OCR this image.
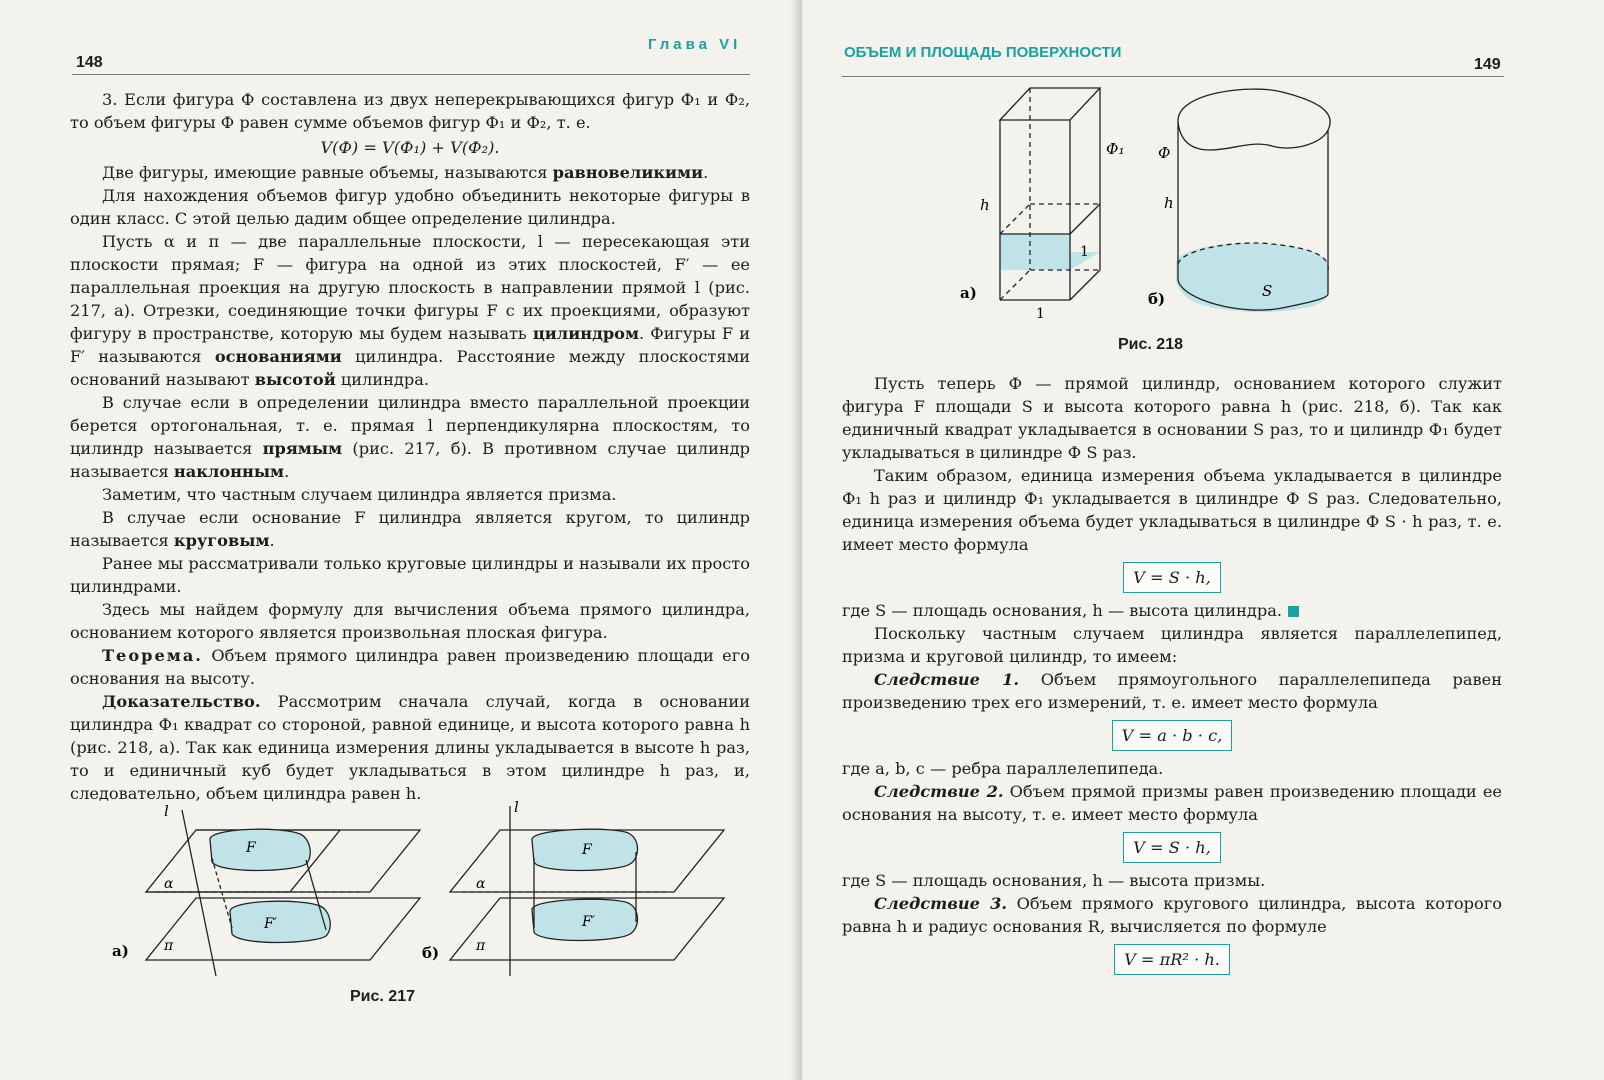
148
Глава VI

3. Если фигура Ф составлена из двух неперекрывающихся фигур Ф₁ и Ф₂, то объем фигуры Ф равен сумме объемов фигур Ф₁ и Ф₂, т. е.

V(Ф) = V(Ф₁) + V(Ф₂).

Две фигуры, имеющие равные объемы, называются равновеликими.

Для нахождения объемов фигур удобно объединить некоторые фигуры в один класс. С этой целью дадим общее определение цилиндра.

Пусть α и π — две параллельные плоскости, l — пересекающая эти плоскости прямая; F — фигура на одной из этих плоскостей, F′ — ее параллельная проекция на другую плоскость в направлении прямой l (рис. 217, а). Отрезки, соединяющие точки фигуры F с их проекциями, образуют фигуру в пространстве, которую мы будем называть цилиндром. Фигуры F и F′ называются основаниями цилиндра. Расстояние между плоскостями оснований называют высотой цилиндра.

В случае если в определении цилиндра вместо параллельной проекции берется ортогональная, т. е. прямая l перпендикулярна плоскостям, то цилиндр называется прямым (рис. 217, б). В противном случае цилиндр называется наклонным.

Заметим, что частным случаем цилиндра является призма.

В случае если основание F цилиндра является кругом, то цилиндр называется круговым.

Ранее мы рассматривали только круговые цилиндры и называли их просто цилиндрами.

Здесь мы найдем формулу для вычисления объема прямого цилиндра, основанием которого является произвольная плоская фигура.

Теорема. Объем прямого цилиндра равен произведению площади его основания на высоту.

Доказательство. Рассмотрим сначала случай, когда в основании цилиндра Ф₁ квадрат со стороной, равной единице, и высота которого равна h (рис. 218, а). Так как единица измерения длины укладывается в высоте h раз, то и единичный куб будет укладываться в этом цилиндре h раз, и, следовательно, объем цилиндра равен h.

l
F
F′
α
π
l
F
F′
α
π
а)	б)
Рис. 217
ОБЪЕМ И ПЛОЩАДЬ ПОВЕРХНОСТИ
149
h
1
1
Ф₁ Ф
h
S
а)	б)
Рис. 218

Пусть теперь Ф — прямой цилиндр, основанием которого служит фигура F площади S и высота которого равна h (рис. 218, б). Так как единичный квадрат укладывается в основании S раз, то и цилиндр Ф₁ будет укладываться в цилиндре Ф S раз.

Таким образом, единица измерения объема укладывается в цилиндре Ф₁ h раз и цилиндр Ф₁ укладывается в цилиндре Ф S раз. Следовательно, единица измерения объема будет укладываться в цилиндре Ф S · h раз, т. е. имеет место формула

V = S · h,

где S — площадь основания, h — высота цилиндра.

Поскольку частным случаем цилиндра является параллелепипед, призма и круговой цилиндр, то имеем:

Следствие 1. Объем прямоугольного параллелепипеда равен произведению трех его измерений, т. е. имеет место формула

V = a · b · c,

где a, b, c — ребра параллелепипеда.

Следствие 2. Объем прямой призмы равен произведению площади ее основания на высоту, т. е. имеет место формула

V = S · h,

где S — площадь основания, h — высота призмы.

Следствие 3. Объем прямого кругового цилиндра, высота которого равна h и радиус основания R, вычисляется по формуле

V = πR² · h.
